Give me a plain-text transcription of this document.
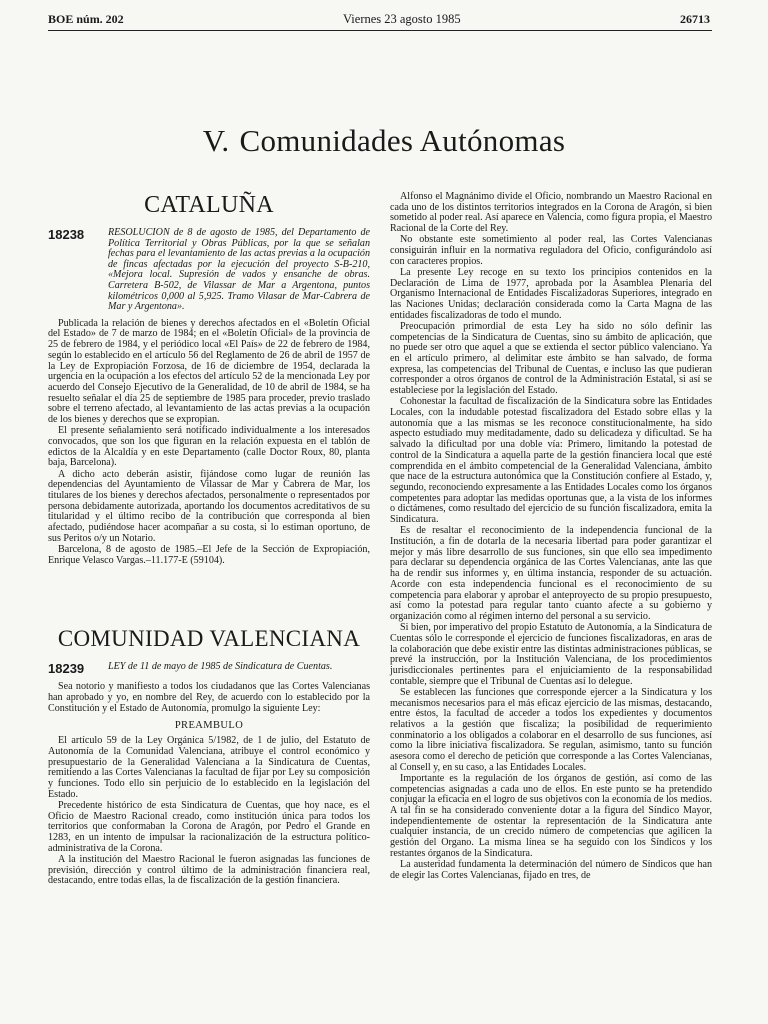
BOE núm. 202	Viernes 23 agosto 1985	26713
V. Comunidades Autónomas
CATALUÑA
18238	RESOLUCION de 8 de agosto de 1985, del Departamento de Política Territorial y Obras Públicas, por la que se señalan fechas para el levantamiento de las actas previas a la ocupación de fincas afectadas por la ejecución del proyecto S-B-210, «Mejora local. Supresión de vados y ensanche de obras. Carretera B-502, de Vilassar de Mar a Argentona, puntos kilométricos 0,000 al 5,925. Tramo Vilasar de Mar-Cabrera de Mar y Argentona».

Publicada la relación de bienes y derechos afectados en el «Boletín Oficial del Estado» de 7 de marzo de 1984; en el «Boletín Oficial» de la provincia de 25 de febrero de 1984, y el periódico local «El País» de 22 de febrero de 1984, según lo establecido en el artículo 56 del Reglamento de 26 de abril de 1957 de la Ley de Expropiación Forzosa, de 16 de diciembre de 1954, declarada la urgencia en la ocupación a los efectos del artículo 52 de la mencionada Ley por acuerdo del Consejo Ejecutivo de la Generalidad, de 10 de abril de 1984, se ha resuelto señalar el día 25 de septiembre de 1985 para proceder, previo traslado sobre el terreno afectado, al levantamiento de las actas previas a la ocupación de los bienes y derechos que se expropian.

El presente señalamiento será notificado individualmente a los interesados convocados, que son los que figuran en la relación expuesta en el tablón de edictos de la Alcaldía y en este Departamento (calle Doctor Roux, 80, planta baja, Barcelona).

A dicho acto deberán asistir, fijándose como lugar de reunión las dependencias del Ayuntamiento de Vilassar de Mar y Cabrera de Mar, los titulares de los bienes y derechos afectados, personalmente o representados por persona debidamente autorizada, aportando los documentos acreditativos de su titularidad y el último recibo de la contribución que corresponda al bien afectado, pudiéndose hacer acompañar a su costa, si lo estiman oportuno, de sus Peritos o/y un Notario.

Barcelona, 8 de agosto de 1985.–El Jefe de la Sección de Expropiación, Enrique Velasco Vargas.–11.177-E (59104).

COMUNIDAD VALENCIANA
18239	LEY de 11 de mayo de 1985 de Sindicatura de Cuentas.

Sea notorio y manifiesto a todos los ciudadanos que las Cortes Valencianas han aprobado y yo, en nombre del Rey, de acuerdo con lo establecido por la Constitución y el Estado de Autonomía, promulgo la siguiente Ley:

PREAMBULO

El artículo 59 de la Ley Orgánica 5/1982, de 1 de julio, del Estatuto de Autonomía de la Comunidad Valenciana, atribuye el control económico y presupuestario de la Generalidad Valenciana a la Sindicatura de Cuentas, remitiendo a las Cortes Valencianas la facultad de fijar por Ley su composición y funciones. Todo ello sin perjuicio de lo establecido en la legislación del Estado.

Precedente histórico de esta Sindicatura de Cuentas, que hoy nace, es el Oficio de Maestro Racional creado, como institución única para todos los territorios que conformaban la Corona de Aragón, por Pedro el Grande en 1283, en un intento de impulsar la racionalización de la estructura político-administrativa de la Corona.

A la institución del Maestro Racional le fueron asignadas las funciones de previsión, dirección y control último de la administración financiera real, destacando, entre todas ellas, la de fiscalización de la gestión financiera.

Alfonso el Magnánimo divide el Oficio, nombrando un Maestro Racional en cada uno de los distintos territorios integrados en la Corona de Aragón, si bien sometido al poder real. Así aparece en Valencia, como figura propia, el Maestro Racional de la Corte del Rey.

No obstante este sometimiento al poder real, las Cortes Valencianas consiguirán influir en la normativa reguladora del Oficio, configurándolo así con caracteres propios.

La presente Ley recoge en su texto los principios contenidos en la Declaración de Lima de 1977, aprobada por la Asamblea Plenaria del Organismo Internacional de Entidades Fiscalizadoras Superiores, integrado en las Naciones Unidas; declaración considerada como la Carta Magna de las entidades fiscalizadoras de todo el mundo.

Preocupación primordial de esta Ley ha sido no sólo definir las competencias de la Sindicatura de Cuentas, sino su ámbito de aplicación, que no puede ser otro que aquel a que se extienda el sector público valenciano. Ya en el artículo primero, al delimitar este ámbito se han salvado, de forma expresa, las competencias del Tribunal de Cuentas, e incluso las que pudieran corresponder a otros órganos de control de la Administración Estatal, si así se estableciese por la legislación del Estado.

Cohonestar la facultad de fiscalización de la Sindicatura sobre las Entidades Locales, con la indudable potestad fiscalizadora del Estado sobre ellas y la autonomía que a las mismas se les reconoce constitucionalmente, ha sido aspecto estudiado muy meditadamente, dado su delicadeza y dificultad. Se ha salvado la dificultad por una doble vía: Primero, limitando la potestad de control de la Sindicatura a aquella parte de la gestión financiera local que esté comprendida en el ámbito competencial de la Generalidad Valenciana, ámbito que nace de la estructura autonómica que la Constitución confiere al Estado, y, segundo, reconociendo expresamente a las Entidades Locales como los órganos competentes para adoptar las medidas oportunas que, a la vista de los informes o dictámenes, como resultado del ejercicio de su función fiscalizadora, emita la Sindicatura.

Es de resaltar el reconocimiento de la independencia funcional de la Institución, a fin de dotarla de la necesaria libertad para poder garantizar el mejor y más libre desarrollo de sus funciones, sin que ello sea impedimento para declarar su dependencia orgánica de las Cortes Valencianas, ante las que ha de rendir sus informes y, en última instancia, responder de su actuación. Acorde con esta independencia funcional es el reconocimiento de su competencia para elaborar y aprobar el anteproyecto de su propio presupuesto, así como la potestad para regular tanto cuanto afecte a su gobierno y organización como al régimen interno del personal a su servicio.

Si bien, por imperativo del propio Estatuto de Autonomía, a la Sindicatura de Cuentas sólo le corresponde el ejercicio de funciones fiscalizadoras, en aras de la colaboración que debe existir entre las distintas administraciones públicas, se prevé la instrucción, por la Institución Valenciana, de los procedimientos jurisdiccionales pertinentes para el enjuiciamiento de la responsabilidad contable, siempre que el Tribunal de Cuentas así lo delegue.

Se establecen las funciones que corresponde ejercer a la Sindicatura y los mecanismos necesarios para el más eficaz ejercicio de las mismas, destacando, entre éstos, la facultad de acceder a todos los expedientes y documentos relativos a la gestión que fiscaliza; la posibilidad de requerimiento conminatorio a los obligados a colaborar en el desarrollo de sus funciones, así como la libre iniciativa fiscalizadora. Se regulan, asimismo, tanto su función asesora como el derecho de petición que corresponde a las Cortes Valencianas, al Consell y, en su caso, a las Entidades Locales.

Importante es la regulación de los órganos de gestión, así como de las competencias asignadas a cada uno de ellos. En este punto se ha pretendido conjugar la eficacia en el logro de sus objetivos con la economía de los medios. A tal fin se ha considerado conveniente dotar a la figura del Síndico Mayor, independientemente de ostentar la representación de la Sindicatura ante cualquier instancia, de un crecido número de competencias que agilicen la gestión del Organo. La misma línea se ha seguido con los Síndicos y los restantes órganos de la Sindicatura.

La austeridad fundamenta la determinación del número de Síndicos que han de elegir las Cortes Valencianas, fijado en tres, de
